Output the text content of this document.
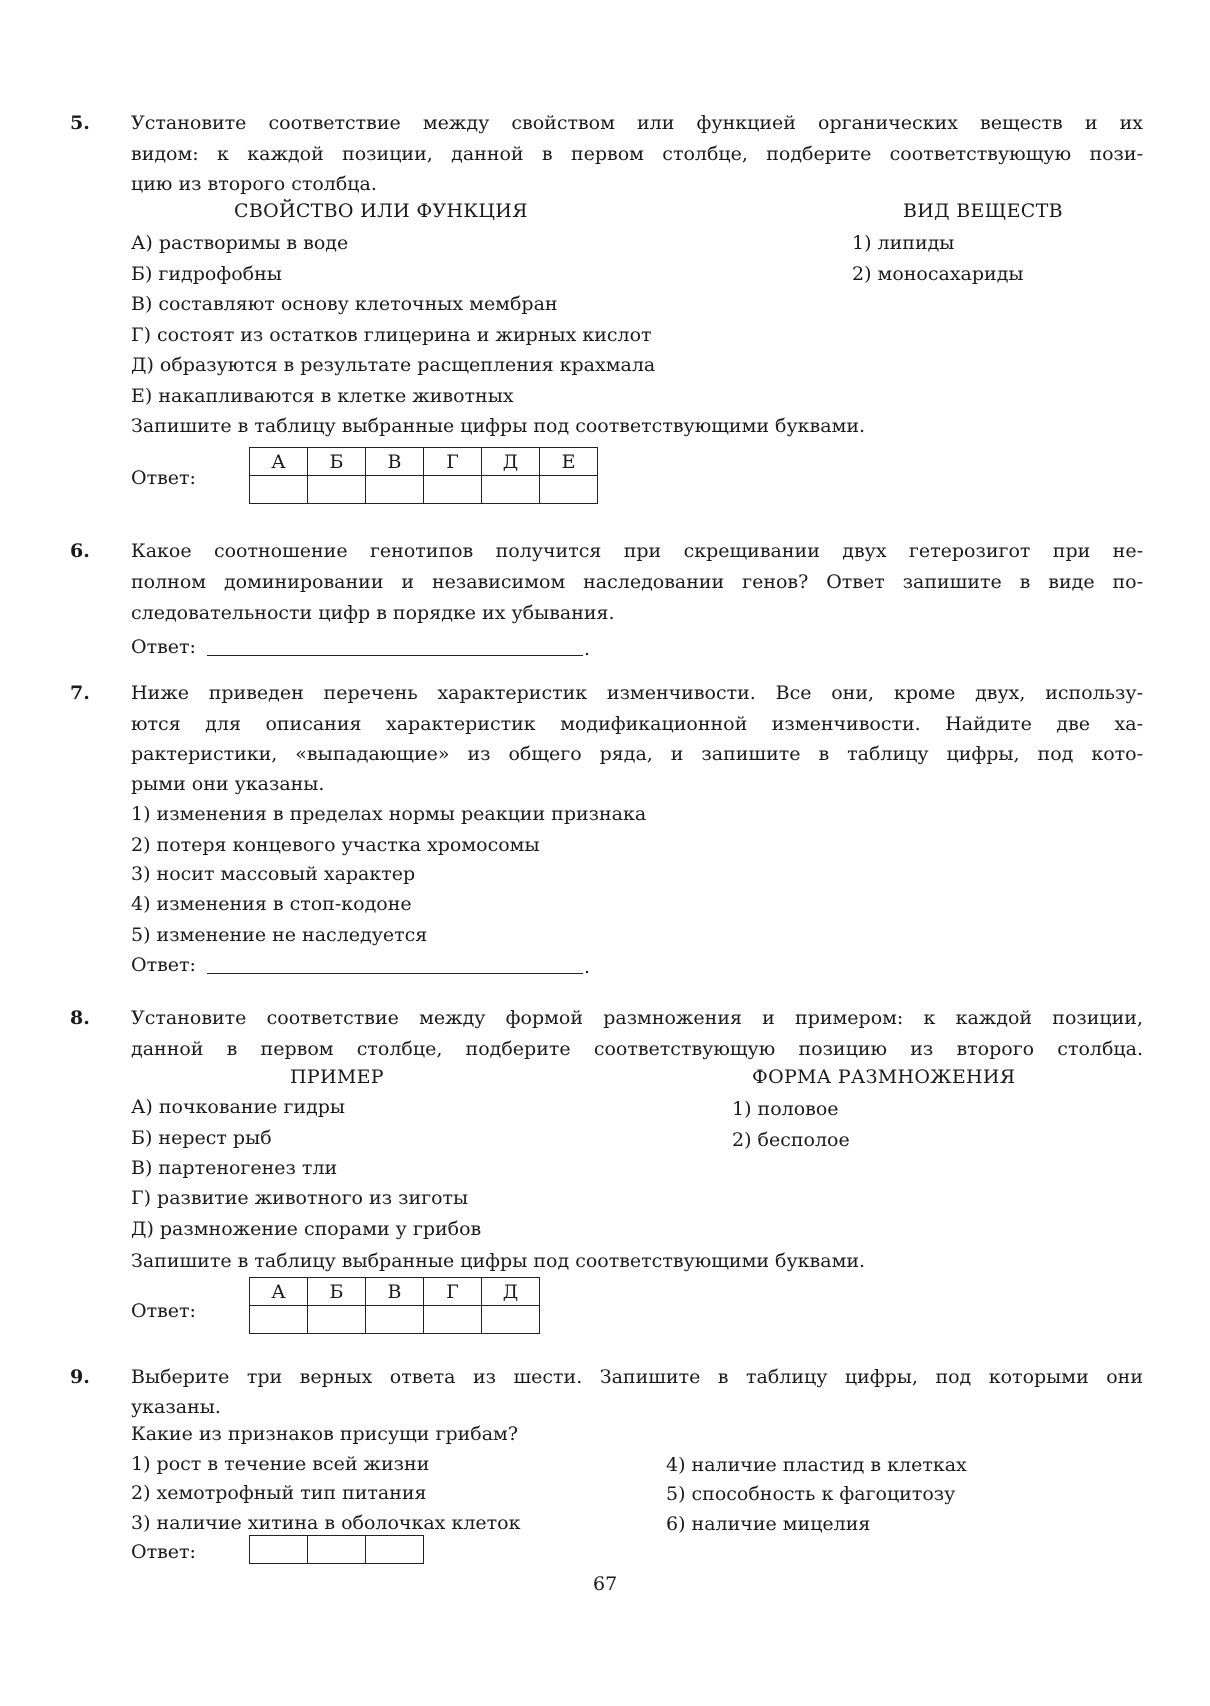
5. Установите соответствие между свойством или функцией органических веществ и их
видом: к каждой позиции, данной в первом столбце, подберите соответствующую пози-
цию из второго столбца.
СВОЙСТВО ИЛИ ФУНКЦИЯ	ВИД ВЕЩЕСТВ
А) растворимы в воде
Б) гидрофобны
В) составляют основу клеточных мембран
Г) состоят из остатков глицерина и жирных кислот
Д) образуются в результате расщепления крахмала
Е) накапливаются в клетке животных
1) липиды
2) моносахариды
Запишите в таблицу выбранные цифры под соответствующими буквами.
Ответ:
А	Б	В	Г	Д	Е

6. Какое соотношение генотипов получится при скрещивании двух гетерозигот при не-
полном доминировании и независимом наследовании генов? Ответ запишите в виде по-
следовательности цифр в порядке их убывания.
Ответ:	.
7. Ниже приведен перечень характеристик изменчивости. Все они, кроме двух, использу-
ются для описания характеристик модификационной изменчивости. Найдите две ха-
рактеристики, «выпадающие» из общего ряда, и запишите в таблицу цифры, под кото-
рыми они указаны.
1) изменения в пределах нормы реакции признака
2) потеря концевого участка хромосомы
3) носит массовый характер
4) изменения в стоп-кодоне
5) изменение не наследуется
Ответ:	.
8. Установите соответствие между формой размножения и примером: к каждой позиции,
данной в первом столбце, подберите соответствующую позицию из второго столбца.
ПРИМЕР	ФОРМА РАЗМНОЖЕНИЯ
А) почкование гидры
Б) нерест рыб
В) партеногенез тли
Г) развитие животного из зиготы
Д) размножение спорами у грибов
1) половое
2) бесполое
Запишите в таблицу выбранные цифры под соответствующими буквами.
Ответ:
А	Б	В	Г	Д

9. Выберите три верных ответа из шести. Запишите в таблицу цифры, под которыми они
указаны.
Какие из признаков присущи грибам?
1) рост в течение всей жизни
2) хемотрофный тип питания
3) наличие хитина в оболочках клеток
4) наличие пластид в клетках
5) способность к фагоцитозу
6) наличие мицелия
Ответ:

67
